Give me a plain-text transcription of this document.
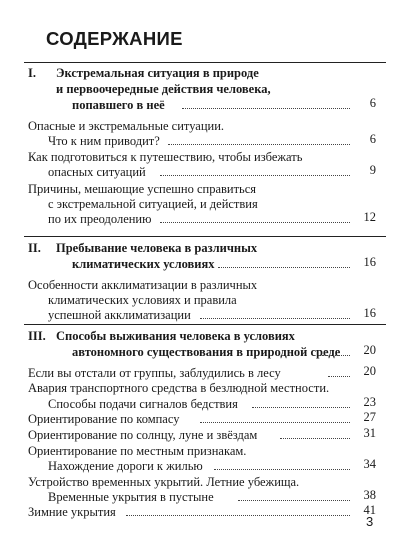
СОДЕРЖАНИЕ
I. Экстремальная ситуация в природе
и первоочередные действия человека,
попавшего в неё	6
Опасные и экстремальные ситуации.
Что к ним приводит?	6
Как подготовиться к путешествию, чтобы избежать
опасных ситуаций	9
Причины, мешающие успешно справиться
с экстремальной ситуацией, и действия
по их преодолению	12
II. Пребывание человека в различных
климатических условиях	16
Особенности акклиматизации в различных
климатических условиях и правила
успешной акклиматизации	16
III. Способы выживания человека в условиях
автономного существования в природной среде	20
Если вы отстали от группы, заблудились в лесу	20
Авария транспортного средства в безлюдной местности.
Способы подачи сигналов бедствия	23
Ориентирование по компасу	27
Ориентирование по солнцу, луне и звёздам	31
Ориентирование по местным признакам.
Нахождение дороги к жилью	34
Устройство временных укрытий. Летние убежища.
Временные укрытия в пустыне	38
Зимние укрытия	41
3
